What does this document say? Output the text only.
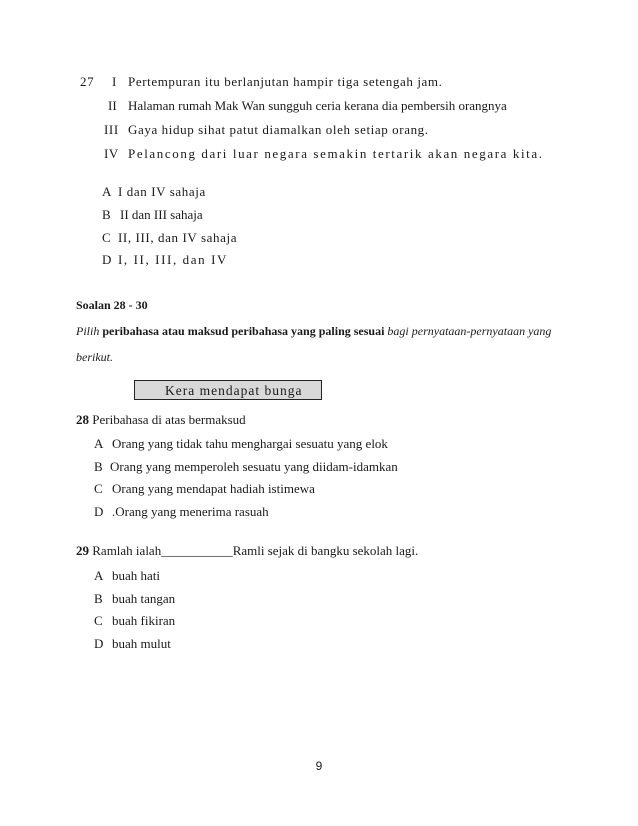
27 I Pertempuran itu berlanjutan hampir tiga setengah jam.
II Halaman rumah Mak Wan sungguh ceria kerana dia pembersih orangnya
III Gaya hidup sihat patut diamalkan oleh setiap orang.
IV Pelancong dari luar negara semakin tertarik akan negara kita.
A I dan IV sahaja
B II dan III sahaja
C II, III, dan IV sahaja
D I, II, III, dan IV
Soalan 28 - 30
Pilih peribahasa atau maksud peribahasa yang paling sesuai bagi pernyataan-pernyataan yang
berikut.
Kera mendapat bunga
28 Peribahasa di atas bermaksud
A Orang yang tidak tahu menghargai sesuatu yang elok
B Orang yang memperoleh sesuatu yang diidam-idamkan
C Orang yang mendapat hadiah istimewa
D .Orang yang menerima rasuah
29 Ramlah ialah___________Ramli sejak di bangku sekolah lagi.
A buah hati
B buah tangan
C buah fikiran
D buah mulut
9
